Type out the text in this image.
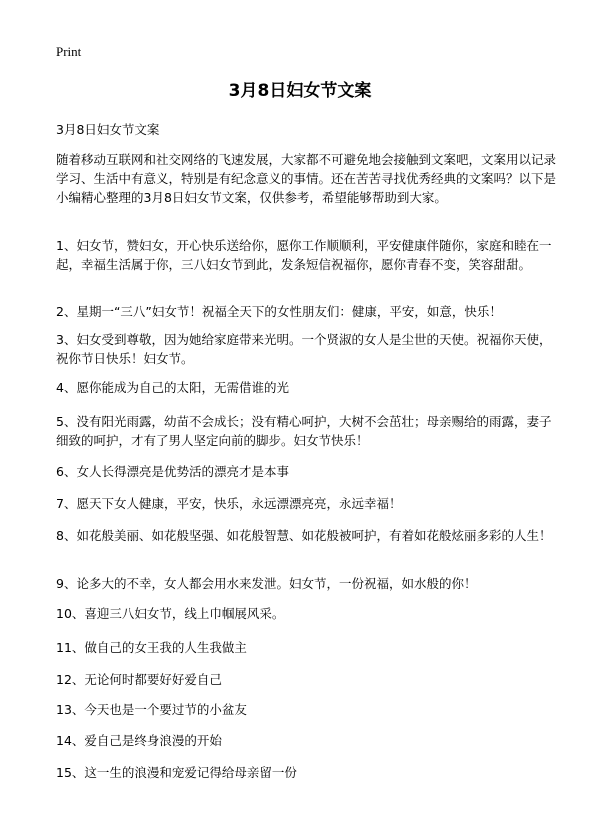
Print
3月8日妇女节文案
3月8日妇女节文案

随着移动互联网和社交网络的飞速发展，大家都不可避免地会接触到文案吧，文案用以记录学习、生活中有意义，特别是有纪念意义的事情。还在苦苦寻找优秀经典的文案吗？以下是小编精心整理的3月8日妇女节文案，仅供参考，希望能够帮助到大家。

1、妇女节，赞妇女，开心快乐送给你，愿你工作顺顺利，平安健康伴随你，家庭和睦在一起，幸福生活属于你，三八妇女节到此，发条短信祝福你，愿你青春不变，笑容甜甜。

2、星期一“三八”妇女节！祝福全天下的女性朋友们：健康，平安，如意，快乐！

3、妇女受到尊敬，因为她给家庭带来光明。一个贤淑的女人是尘世的天使。祝福你天使，祝你节日快乐！妇女节。

4、愿你能成为自己的太阳，无需借谁的光

5、没有阳光雨露，幼苗不会成长；没有精心呵护，大树不会茁壮；母亲赐给的雨露，妻子细致的呵护，才有了男人坚定向前的脚步。妇女节快乐！

6、女人长得漂亮是优势活的漂亮才是本事

7、愿天下女人健康，平安，快乐，永远漂漂亮亮，永远幸福！

8、如花般美丽、如花般坚强、如花般智慧、如花般被呵护，有着如花般炫丽多彩的人生！

9、论多大的不幸，女人都会用水来发泄。妇女节，一份祝福，如水般的你！

10、喜迎三八妇女节，线上巾帼展风采。

11、做自己的女王我的人生我做主

12、无论何时都要好好爱自己

13、今天也是一个要过节的小盆友

14、爱自己是终身浪漫的开始

15、这一生的浪漫和宠爱记得给母亲留一份
